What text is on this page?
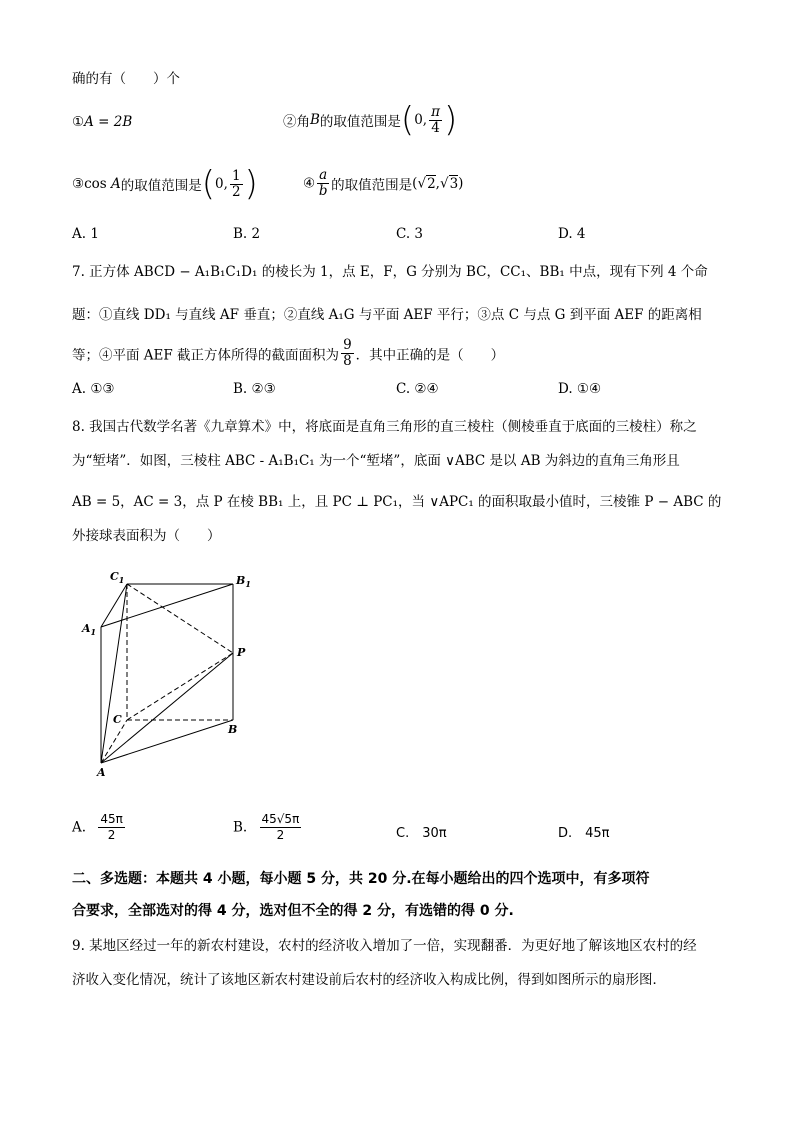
确的有（　　）个
①A = 2B	②角B的取值范围是(0, $\frac{\pi}{4}$ )
③cos A的取值范围是(0, $\frac{1}{2}$ )	④ $\frac{a}{b}$ 的取值范围是(√2,√3)
A. 1	B. 2	C. 3	D. 4
7. 正方体 ABCD − A₁B₁C₁D₁ 的棱长为 1，点 E，F，G 分别为 BC，CC₁、BB₁ 中点，现有下列 4 个命
题：①直线 DD₁ 与直线 AF 垂直；②直线 A₁G 与平面 AEF 平行；③点 C 与点 G 到平面 AEF 的距离相
等；④平面 AEF 截正方体所得的截面面积为 $\frac{9}{8}$ ．其中正确的是（　　）
A. ①③	B. ②③	C. ②④	D. ①④
8. 我国古代数学名著《九章算术》中，将底面是直角三角形的直三棱柱（侧棱垂直于底面的三棱柱）称之
为“堑堵”．如图，三棱柱 ABC - A₁B₁C₁ 为一个“堑堵”，底面 ∨ABC 是以 AB 为斜边的直角三角形且
AB = 5，AC = 3，点 P 在棱 BB₁ 上，且 PC ⊥ PC₁，当 ∨APC₁ 的面积取最小值时，三棱锥 P − ABC 的
外接球表面积为（　　）
$C_1$	$B_1$
$A_1$
P
C
B
A
A. $\frac{45\pi}{2}$	B. $\frac{45√5\pi}{2}$	C.　30π	D.　45π
二、多选题：本题共 4 小题，每小题 5 分，共 20 分.在每小题给出的四个选项中，有多项符
合要求，全部选对的得 4 分，选对但不全的得 2 分，有选错的得 0 分.
9. 某地区经过一年的新农村建设，农村的经济收入增加了一倍，实现翻番．为更好地了解该地区农村的经
济收入变化情况，统计了该地区新农村建设前后农村的经济收入构成比例，得到如图所示的扇形图．
